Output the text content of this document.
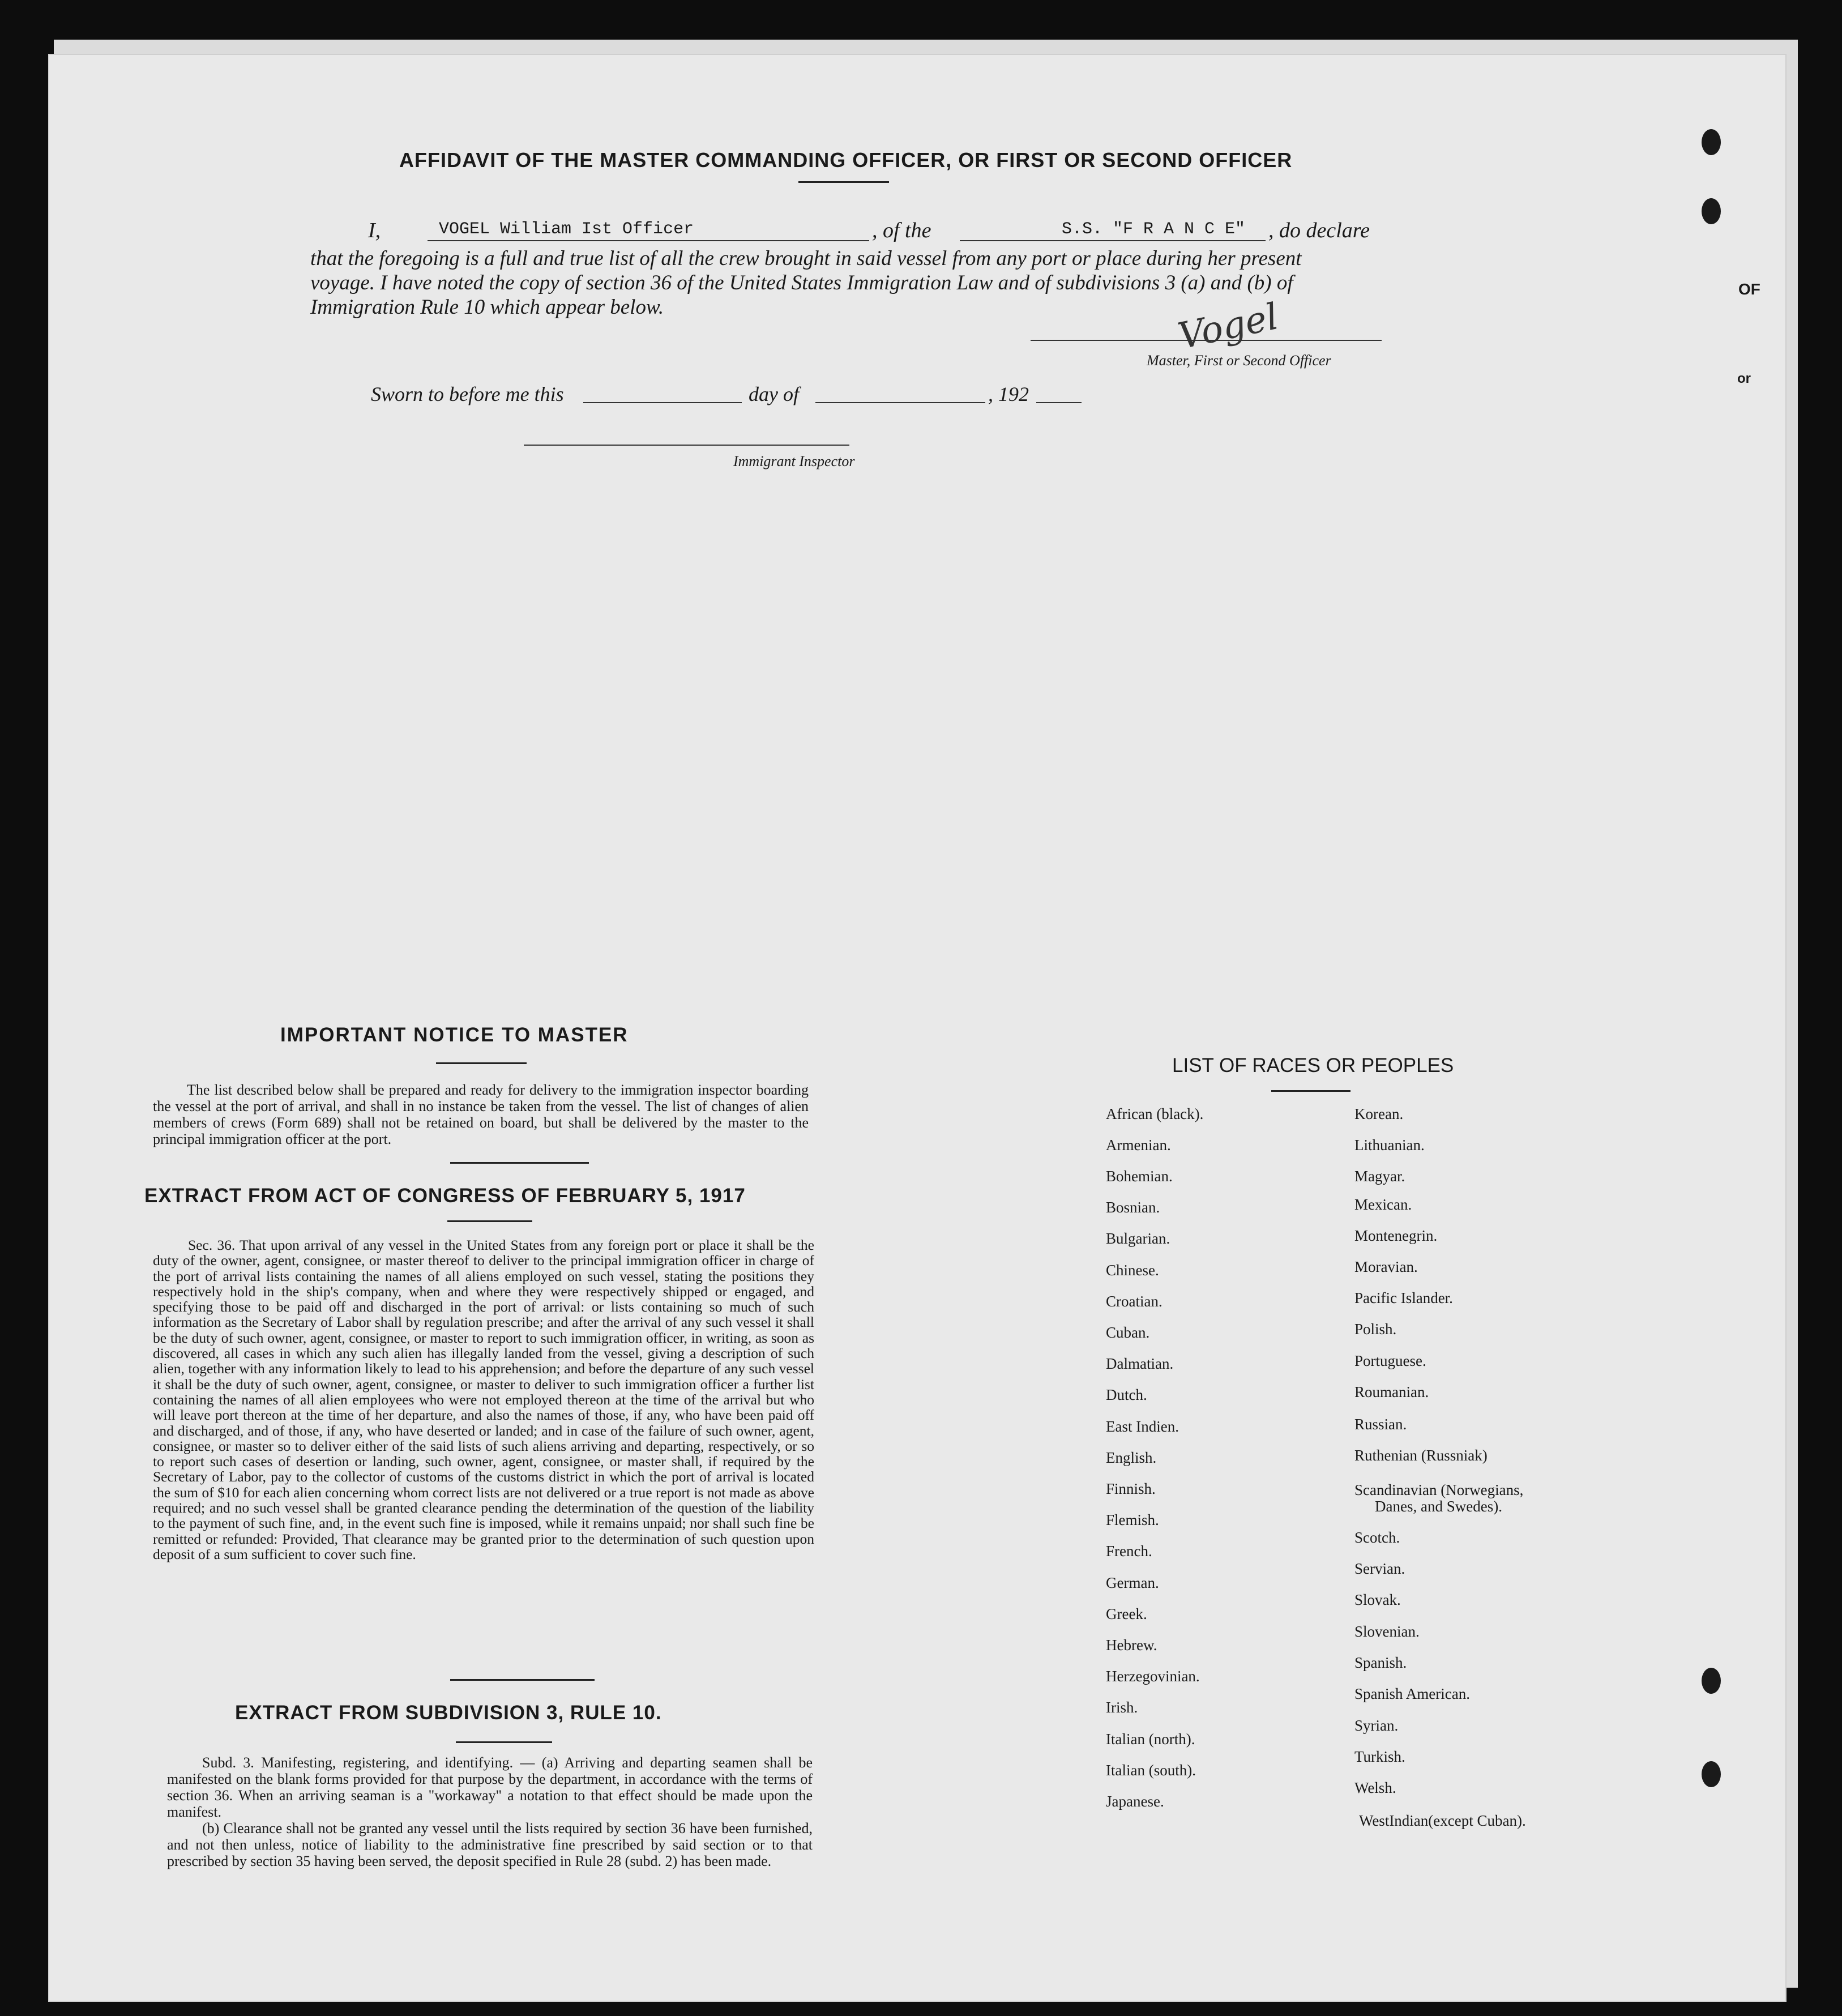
OF
or
AFFIDAVIT OF THE MASTER COMMANDING OFFICER, OR FIRST OR SECOND OFFICER
I,	VOGEL William Ist Officer	, of the	S.S. "F R A N C E" , do declare
that the foregoing is a full and true list of all the crew brought in said vessel from any port or place during her present
voyage. I have noted the copy of section 36 of the United States Immigration Law and of subdivisions 3 (a) and (b) of
Immigration Rule 10 which appear below.	Vogel
Master, First or Second Officer
Sworn to before me this	day of	, 192
Immigrant Inspector
IMPORTANT NOTICE TO MASTER
The list described below shall be prepared and ready for delivery to the immigration inspector boarding the vessel at the port of arrival, and shall in no instance be taken from the vessel. The list of changes of alien members of crews (Form 689) shall not be retained on board, but shall be delivered by the master to the principal immigration officer at the port.
EXTRACT FROM ACT OF CONGRESS OF FEBRUARY 5, 1917
Sec. 36. That upon arrival of any vessel in the United States from any foreign port or place it shall be the duty of the owner, agent, consignee, or master thereof to deliver to the principal immigration officer in charge of the port of arrival lists containing the names of all aliens employed on such vessel, stating the positions they respectively hold in the ship's company, when and where they were respectively shipped or engaged, and specifying those to be paid off and discharged in the port of arrival: or lists containing so much of such information as the Secretary of Labor shall by regulation prescribe; and after the arrival of any such vessel it shall be the duty of such owner, agent, consignee, or master to report to such immigration officer, in writing, as soon as discovered, all cases in which any such alien has illegally landed from the vessel, giving a description of such alien, together with any information likely to lead to his apprehension; and before the departure of any such vessel it shall be the duty of such owner, agent, consignee, or master to deliver to such immigration officer a further list containing the names of all alien employees who were not employed thereon at the time of the arrival but who will leave port thereon at the time of her departure, and also the names of those, if any, who have been paid off and discharged, and of those, if any, who have deserted or landed; and in case of the failure of such owner, agent, consignee, or master so to deliver either of the said lists of such aliens arriving and departing, respectively, or so to report such cases of desertion or landing, such owner, agent, consignee, or master shall, if required by the Secretary of Labor, pay to the collector of customs of the customs district in which the port of arrival is located the sum of $10 for each alien concerning whom correct lists are not delivered or a true report is not made as above required; and no such vessel shall be granted clearance pending the determination of the question of the liability to the payment of such fine, and, in the event such fine is imposed, while it remains unpaid; nor shall such fine be remitted or refunded: Provided, That clearance may be granted prior to the determination of such question upon deposit of a sum sufficient to cover such fine.
EXTRACT FROM SUBDIVISION 3, RULE 10.
Subd. 3. Manifesting, registering, and identifying. — (a) Arriving and departing seamen shall be manifested on the blank forms provided for that purpose by the department, in accordance with the terms of section 36. When an arriving seaman is a "workaway" a notation to that effect should be made upon the manifest.
(b) Clearance shall not be granted any vessel until the lists required by section 36 have been furnished, and not then unless, notice of liability to the administrative fine prescribed by said section or to that prescribed by section 35 having been served, the deposit specified in Rule 28 (subd. 2) has been made.
LIST OF RACES OR PEOPLES
African (black).
Armenian.
Bohemian.
Bosnian.
Bulgarian.
Chinese.
Croatian.
Cuban.
Dalmatian.
Dutch.
East Indien.
English.
Finnish.
Flemish.
French.
German.
Greek.
Hebrew.
Herzegovinian.
Irish.
Italian (north).
Italian (south).
Japanese.
Korean.
Lithuanian.
Magyar.
Mexican.
Montenegrin.
Moravian.
Pacific Islander.
Polish.
Portuguese.
Roumanian.
Russian.
Ruthenian (Russniak)
Scandinavian (Norwegians,
Danes, and Swedes).
Scotch.
Servian.
Slovak.
Slovenian.
Spanish.
Spanish American.
Syrian.
Turkish.
Welsh.
WestIndian(except Cuban).
